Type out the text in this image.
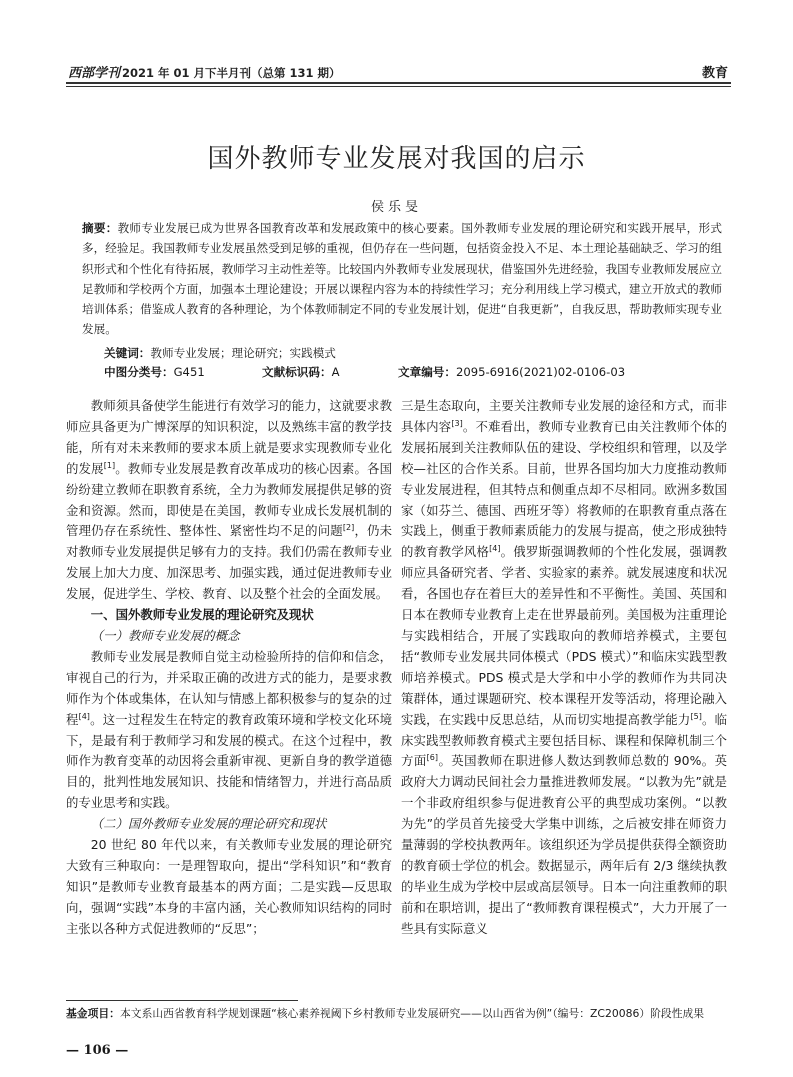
西部学刊 2021 年 01 月下半月刊（总第 131 期）	教育
国外教师专业发展对我国的启示
侯乐旻
摘要：教师专业发展已成为世界各国教育改革和发展政策中的核心要素。国外教师专业发展的理论研究和实践开展早，形式多，经验足。我国教师专业发展虽然受到足够的重视，但仍存在一些问题，包括资金投入不足、本土理论基础缺乏、学习的组织形式和个性化有待拓展，教师学习主动性差等。比较国内外教师专业发展现状，借鉴国外先进经验，我国专业教师发展应立足教师和学校两个方面，加强本土理论建设；开展以课程内容为本的持续性学习；充分利用线上学习模式，建立开放式的教师培训体系；借鉴成人教育的各种理论，为个体教师制定不同的专业发展计划，促进“自我更新”，自我反思，帮助教师实现专业发展。
关键词：教师专业发展；理论研究；实践模式
中图分类号：G451	文献标识码：A	文章编号：2095-6916(2021)02-0106-03

教师须具备使学生能进行有效学习的能力，这就要求教师应具备更为广博深厚的知识积淀，以及熟练丰富的教学技能，所有对未来教师的要求本质上就是要求实现教师专业化的发展[1]。教师专业发展是教育改革成功的核心因素。各国纷纷建立教师在职教育系统，全力为教师发展提供足够的资金和资源。然而，即使是在美国，教师专业成长发展机制的管理仍存在系统性、整体性、紧密性均不足的问题[2]，仍未对教师专业发展提供足够有力的支持。我们仍需在教师专业发展上加大力度、加深思考、加强实践，通过促进教师专业发展，促进学生、学校、教育、以及整个社会的全面发展。

一、国外教师专业发展的理论研究及现状
（一）教师专业发展的概念

教师专业发展是教师自觉主动检验所持的信仰和信念，审视自己的行为，并采取正确的改进方式的能力，是要求教师作为个体或集体，在认知与情感上都积极参与的复杂的过程[4]。这一过程发生在特定的教育政策环境和学校文化环境下，是最有利于教师学习和发展的模式。在这个过程中，教师作为教育变革的动因将会重新审视、更新自身的教学道德目的，批判性地发展知识、技能和情绪智力，并进行高品质的专业思考和实践。

（二）国外教师专业发展的理论研究和现状

20 世纪 80 年代以来，有关教师专业发展的理论研究大致有三种取向：一是理智取向，提出“学科知识”和“教育知识”是教师专业教育最基本的两方面；二是实践—反思取向，强调“实践”本身的丰富内涵，关心教师知识结构的同时主张以各种方式促进教师的“反思”；

三是生态取向，主要关注教师专业发展的途径和方式，而非具体内容[3]。不难看出，教师专业教育已由关注教师个体的发展拓展到关注教师队伍的建设、学校组织和管理，以及学校—社区的合作关系。目前，世界各国均加大力度推动教师专业发展进程，但其特点和侧重点却不尽相同。欧洲多数国家（如芬兰、德国、西班牙等）将教师的在职教育重点落在实践上，侧重于教师素质能力的发展与提高，使之形成独特的教育教学风格[4]。俄罗斯强调教师的个性化发展，强调教师应具备研究者、学者、实验家的素养。就发展速度和状况看，各国也存在着巨大的差异性和不平衡性。美国、英国和日本在教师专业教育上走在世界最前列。美国极为注重理论与实践相结合，开展了实践取向的教师培养模式，主要包括“教师专业发展共同体模式（PDS 模式）”和临床实践型教师培养模式。PDS 模式是大学和中小学的教师作为共同决策群体，通过课题研究、校本课程开发等活动，将理论融入实践，在实践中反思总结，从而切实地提高教学能力[5]。临床实践型教师教育模式主要包括目标、课程和保障机制三个方面[6]。英国教师在职进修人数达到教师总数的 90%。英政府大力调动民间社会力量推进教师发展。“以教为先”就是一个非政府组织参与促进教育公平的典型成功案例。“以教为先”的学员首先接受大学集中训练，之后被安排在师资力量薄弱的学校执教两年。该组织还为学员提供获得全额资助的教育硕士学位的机会。数据显示，两年后有 2/3 继续执教的毕业生成为学校中层或高层领导。日本一向注重教师的职前和在职培训，提出了“教师教育课程模式”，大力开展了一些具有实际意义

基金项目：本文系山西省教育科学规划课题“核心素养视阈下乡村教师专业发展研究——以山西省为例”（编号：ZC20086）阶段性成果
— 106 —
